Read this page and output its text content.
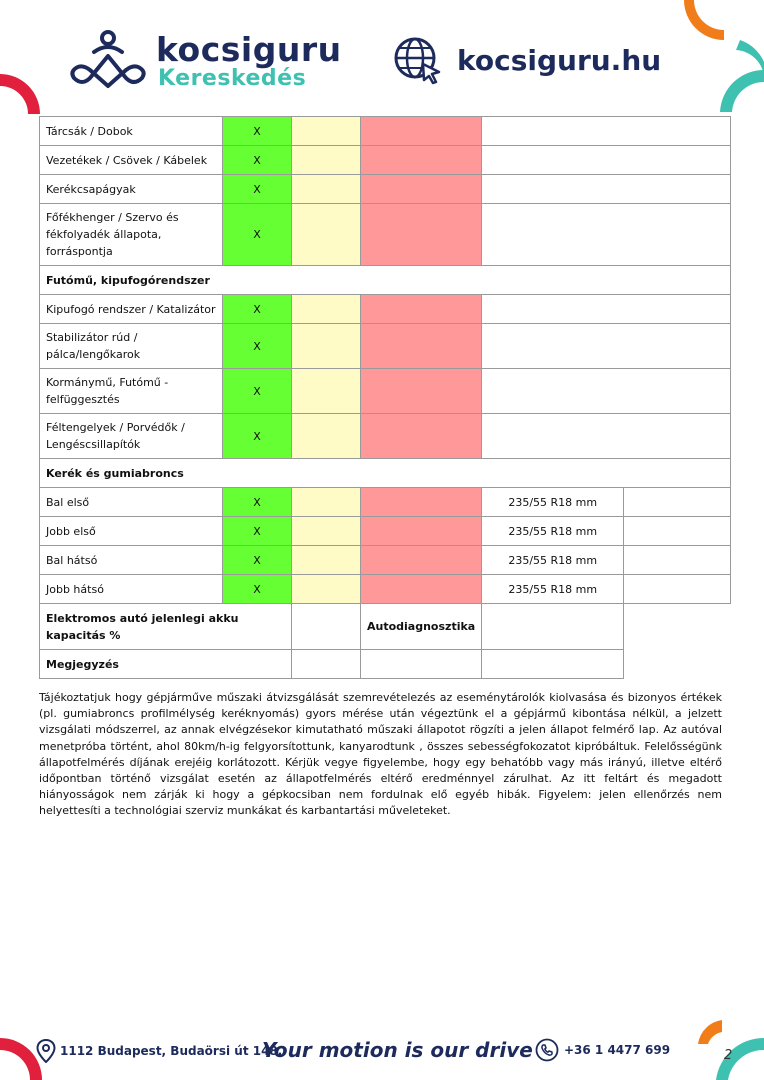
kocsiguru
Kereskedés
kocsiguru.hu
Tárcsák / Dobok	X				
Vezetékek / Csövek / Kábelek	X				
Kerékcsapágyak	X				
Főfékhenger / Szervo és fékfolyadék állapota, forráspontja	X				
Futómű, kipufogórendszer					
Kipufogó rendszer / Katalizátor	X				
Stabilizátor rúd / pálca/lengőkarok	X				
Kormánymű, Futómű - felfüggesztés	X				
Féltengelyek / Porvédők / Lengéscsillapítók	X				
Kerék és gumiabroncs					
Bal első	X			235/55 R18 mm	
Jobb első	X			235/55 R18 mm	
Bal hátsó	X			235/55 R18 mm	
Jobb hátsó	X			235/55 R18 mm	
Elektromos autó jelenlegi akku kapacitás %			Autodiagnosztika		
Megjegyzés					
Tájékoztatjuk hogy gépjárműve műszaki átvizsgálását szemrevételezés az eseménytárolók kiolvasása és bizonyos értékek (pl. gumiabroncs profilmélység keréknyomás) gyors mérése után végeztünk el a gépjármű kibontása nélkül, a jelzett vizsgálati módszerrel, az annak elvégzésekor kimutatható műszaki állapotot rögzíti a jelen állapot felmérő lap. Az autóval menetpróba történt, ahol 80km/h-ig felgyorsítottunk, kanyarodtunk , összes sebességfokozatot kipróbáltuk. Felelősségünk állapotfelmérés díjának erejéig korlátozott. Kérjük vegye figyelembe, hogy egy behatóbb vagy más irányú, illetve eltérő időpontban történő vizsgálat esetén az állapotfelmérés eltérő eredménnyel zárulhat. Az itt feltárt és megadott hiányosságok nem zárják ki hogy a gépkocsiban nem fordulnak elő egyéb hibák. Figyelem: jelen ellenőrzés nem helyettesíti a technológiai szerviz munkákat és karbantartási műveleteket.
1112 Budapest, Budaörsi út 148.
Your motion is our drive	+36 1 4477 699	2
